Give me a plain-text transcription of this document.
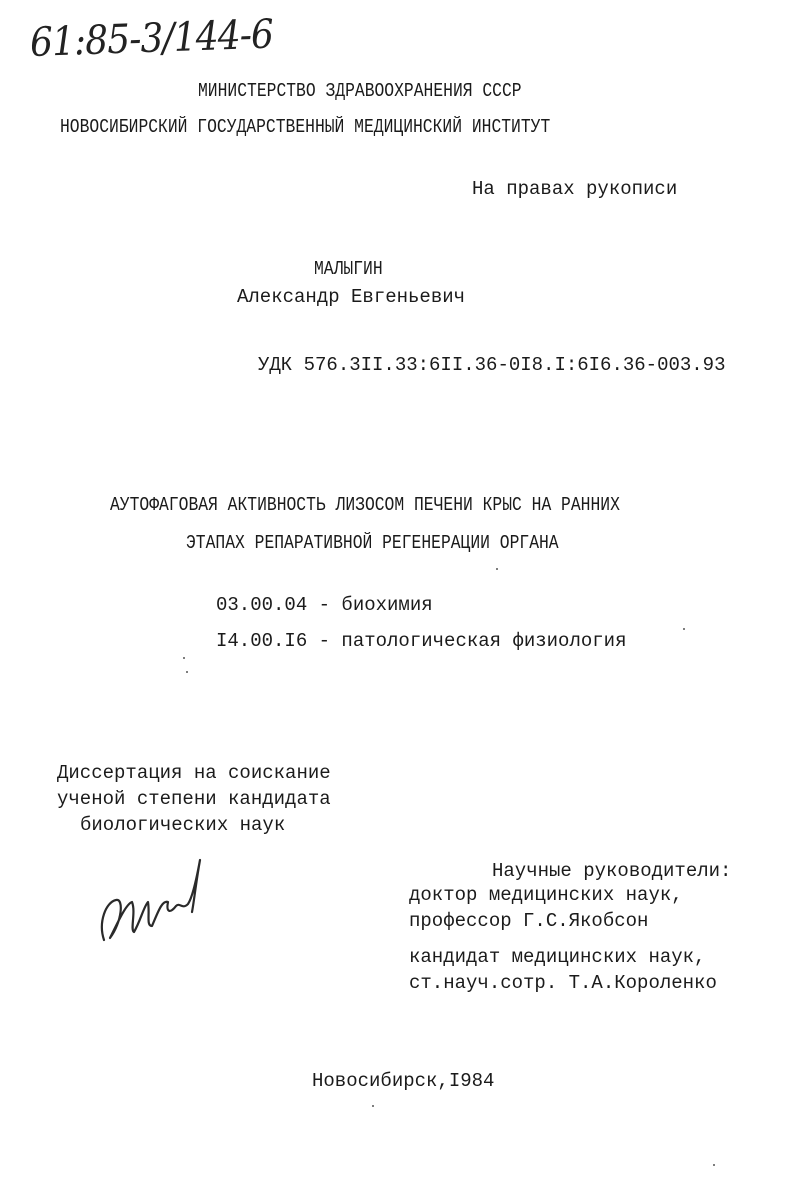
61:85-3/144-6
МИНИСТЕРСТВО ЗДРАВООХРАНЕНИЯ СССР
НОВОСИБИРСКИЙ ГОСУДАРСТВЕННЫЙ МЕДИЦИНСКИЙ ИНСТИТУТ
На правах рукописи
МАЛЫГИН
Александр Евгеньевич
УДК 576.3II.33:6II.36-0I8.I:6I6.36-003.93
АУТОФАГОВАЯ АКТИВНОСТЬ ЛИЗОСОМ ПЕЧЕНИ КРЫС НА РАННИХ
ЭТАПАХ РЕПАРАТИВНОЙ РЕГЕНЕРАЦИИ ОРГАНА
03.00.04 - биохимия
I4.00.I6 - патологическая физиология
Диссертация на соискание
ученой степени кандидата
биологических наук
Научные руководители:
доктор медицинских наук,
профессор Г.С.Якобсон
кандидат медицинских наук,
ст.науч.сотр. Т.А.Короленко
Новосибирск,I984
